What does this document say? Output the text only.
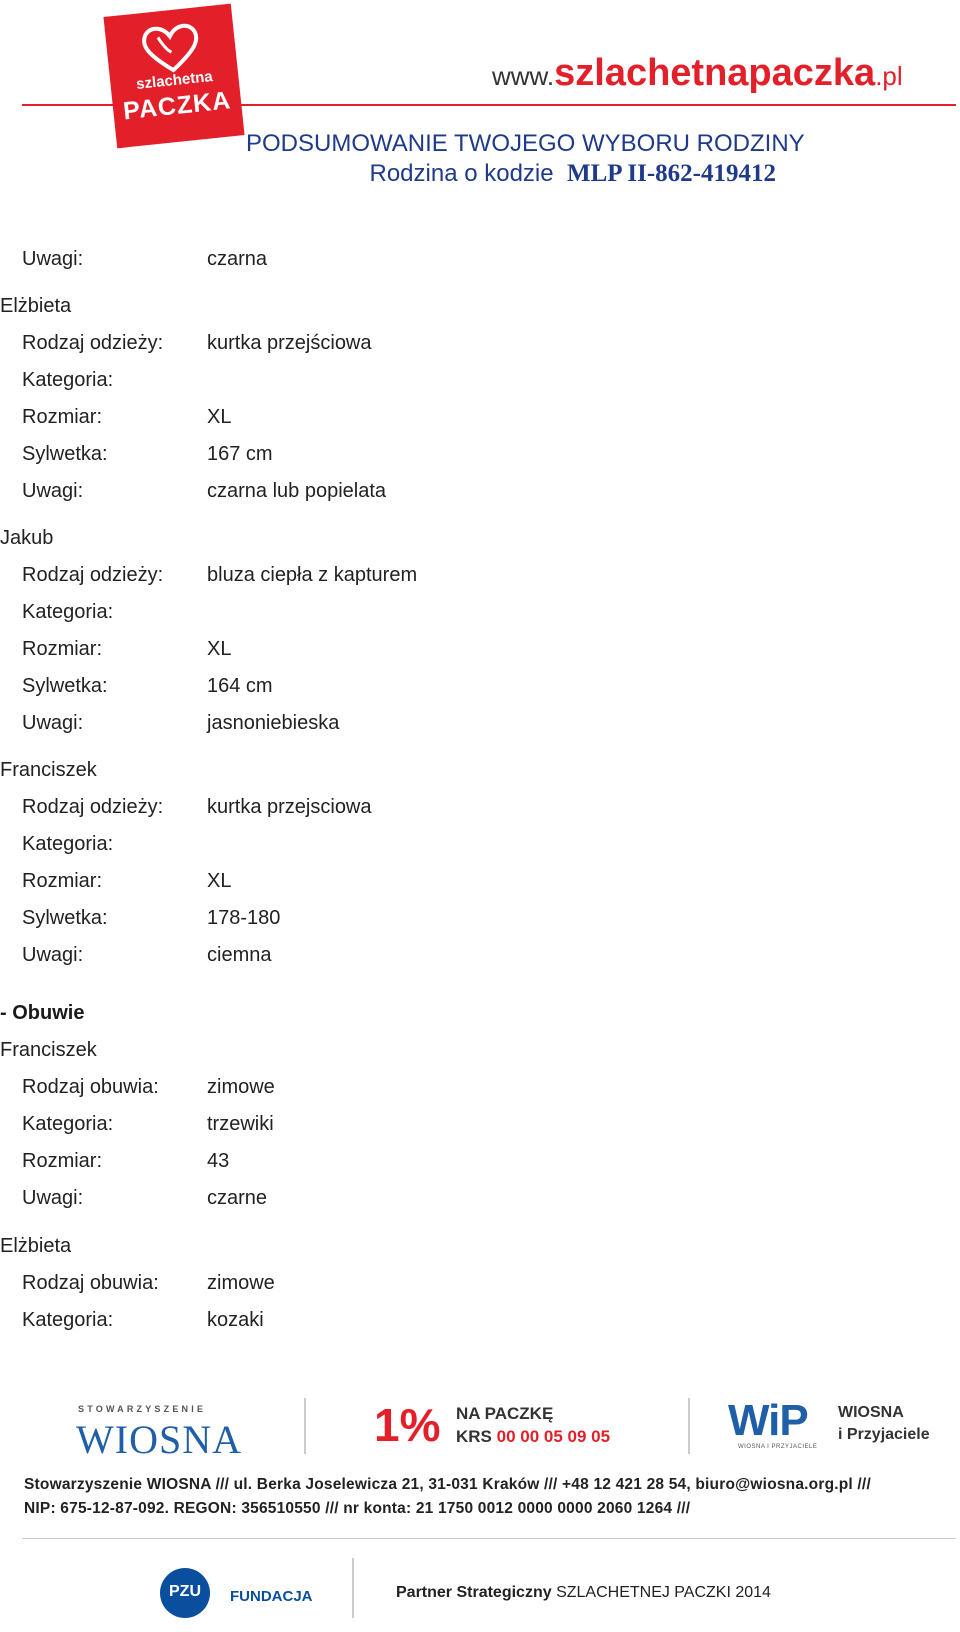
szlachetna
PACZKA
www.szlachetnapaczka.pl
PODSUMOWANIE TWOJEGO WYBORU RODZINY
Rodzina o kodzie MLP II-862-419412
Uwagi:	czarna
Elżbieta
Rodzaj odzieży: kurtka przejściowa
Kategoria:
Rozmiar:	XL
Sylwetka:	167 cm
Uwagi:	czarna lub popielata
Jakub
Rodzaj odzieży: bluza ciepła z kapturem
Kategoria:
Rozmiar:	XL
Sylwetka:	164 cm
Uwagi:	jasnoniebieska
Franciszek
Rodzaj odzieży: kurtka przejsciowa
Kategoria:
Rozmiar:	XL
Sylwetka:	178-180
Uwagi:	ciemna
- Obuwie
Franciszek
Rodzaj obuwia: zimowe
Kategoria:	trzewiki
Rozmiar:	43
Uwagi:	czarne
Elżbieta
Rodzaj obuwia: zimowe
Kategoria:	kozaki
STOWARZYSZENIE
WIOSNA	1% NA PACZKĘ
KRS 00 00 05 09 05	WiP
WIOSNA I PRZYJACIELE
WIOSNA
i Przyjaciele
Stowarzyszenie WIOSNA /// ul. Berka Joselewicza 21, 31-031 Kraków /// +48 12 421 28 54, biuro@wiosna.org.pl ///
NIP: 675-12-87-092. REGON: 356510550 /// nr konta: 21 1750 0012 0000 0000 2060 1264 ///
PZU	FUNDACJA	Partner Strategiczny SZLACHETNEJ PACZKI 2014
